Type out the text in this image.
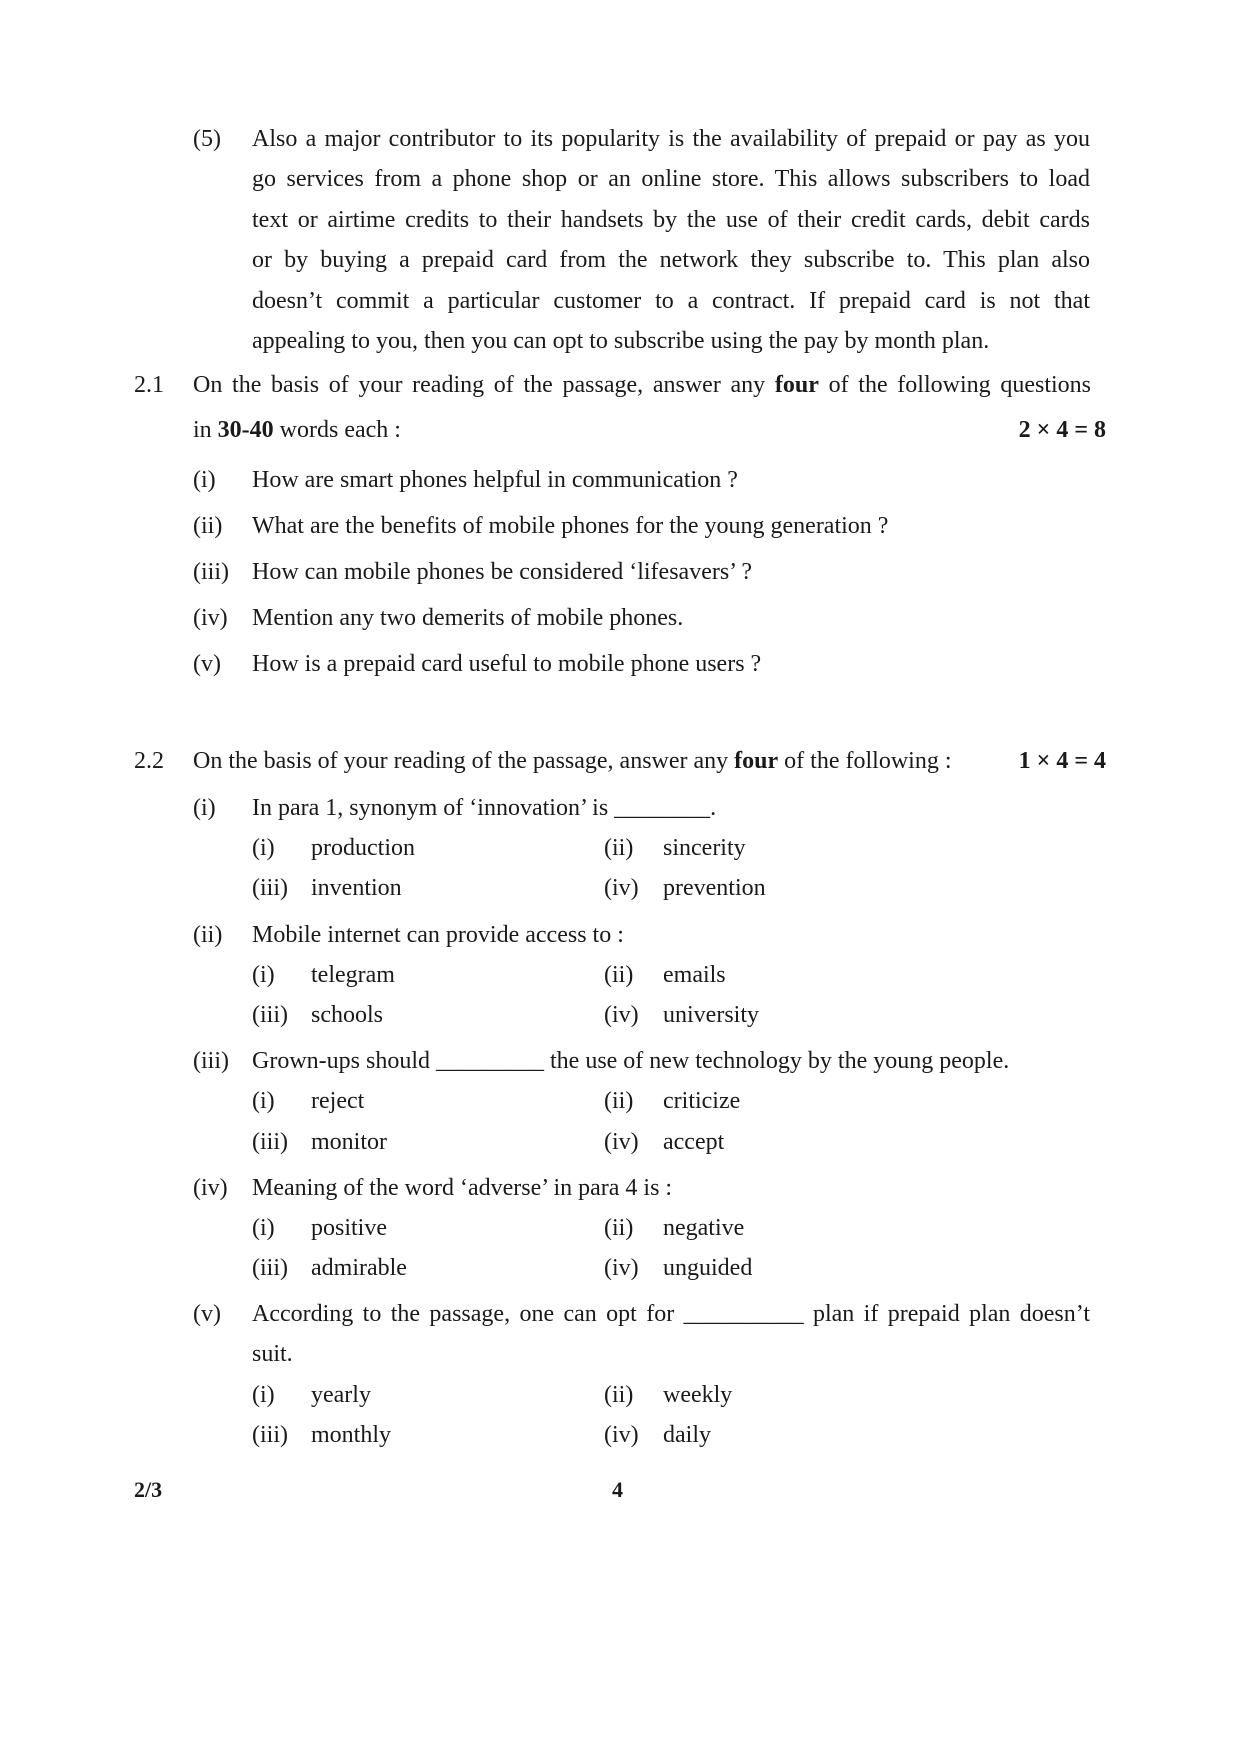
(5) Also a major contributor to its popularity is the availability of prepaid or pay as you
go services from a phone shop or an online store. This allows subscribers to load
text or airtime credits to their handsets by the use of their credit cards, debit cards
or by buying a prepaid card from the network they subscribe to. This plan also
doesn’t commit a particular customer to a contract. If prepaid card is not that
appealing to you, then you can opt to subscribe using the pay by month plan.
2.1 On the basis of your reading of the passage, answer any four of the following questions
in 30-40 words each :	2 × 4 = 8
(i) How are smart phones helpful in communication ?
(ii) What are the benefits of mobile phones for the young generation ?
(iii) How can mobile phones be considered ‘lifesavers’ ?
(iv) Mention any two demerits of mobile phones.
(v) How is a prepaid card useful to mobile phone users ?
2.2 On the basis of your reading of the passage, answer any four of the following :	1 × 4 = 4
(i) In para 1, synonym of ‘innovation’ is ________.
(i) production	(ii) sincerity
(iii) invention	(iv) prevention
(ii) Mobile internet can provide access to :
(i) telegram	(ii) emails
(iii) schools	(iv) university
(iii) Grown-ups should _________ the use of new technology by the young people.
(i) reject	(ii) criticize
(iii) monitor	(iv) accept
(iv) Meaning of the word ‘adverse’ in para 4 is :
(i) positive	(ii) negative
(iii) admirable	(iv) unguided
(v) According to the passage, one can opt for __________ plan if prepaid plan doesn’t
suit.
(i) yearly	(ii) weekly
(iii) monthly	(iv) daily
2/3	4
